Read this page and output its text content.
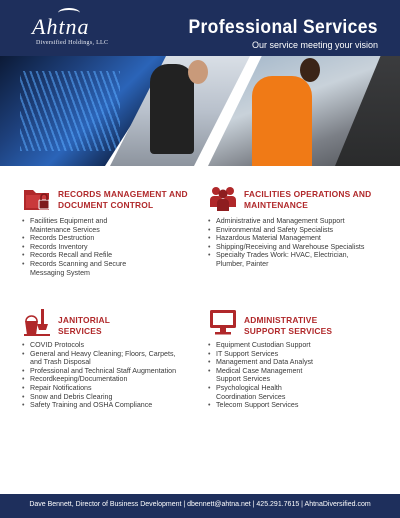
Ahtna
Diversified Holdings, LLC
Professional Services
Our service meeting your vision
RECORDS MANAGEMENT AND
DOCUMENT CONTROL
• Facilities Equipment and
Maintenance Services
• Records Destruction
• Records Inventory
• Records Recall and Refile
• Records Scanning and Secure
Messaging System
FACILITIES OPERATIONS AND
MAINTENANCE
• Administrative and Management Support
• Environmental and Safety Specialists
• Hazardous Material Management
• Shipping/Receiving and Warehouse Specialists
• Specialty Trades Work: HVAC, Electrician,
Plumber, Painter
JANITORIAL
SERVICES
• COVID Protocols
• General and Heavy Cleaning; Floors, Carpets,
and Trash Disposal
• Professional and Technical Staff Augmentation
• Recordkeeping/Documentation
• Repair Notifications
• Snow and Debris Clearing
• Safety Training and OSHA Compliance
ADMINISTRATIVE
SUPPORT SERVICES
• Equipment Custodian Support
• IT Support Services
• Management and Data Analyst
• Medical Case Management
Support Services
• Psychological Health
Coordination Services
• Telecom Support Services
Dave Bennett, Director of Business Development | dbennett@ahtna.net | 425.291.7615 | AhtnaDiversified.com
